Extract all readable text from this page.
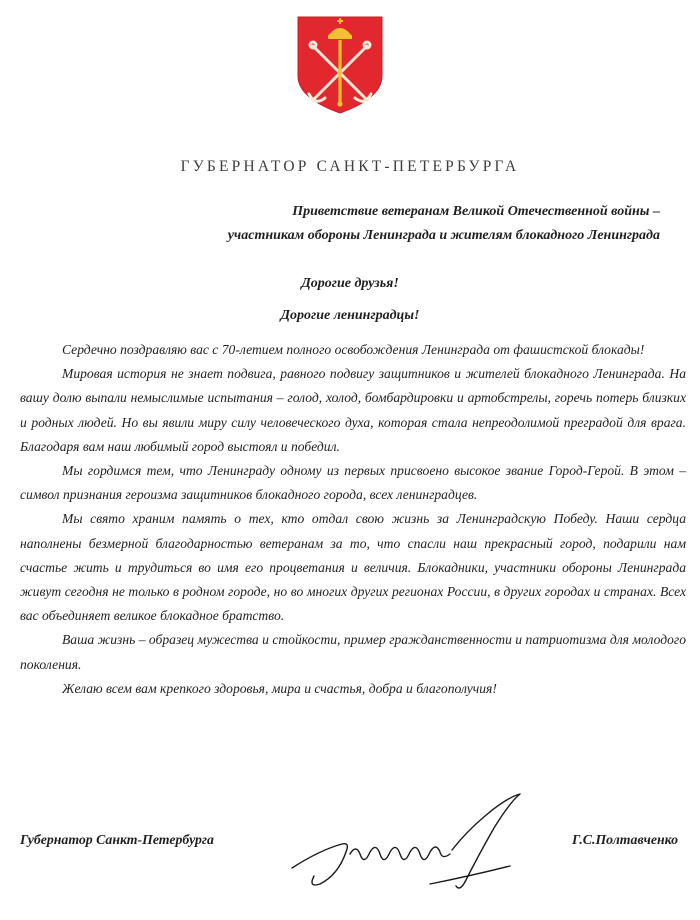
ГУБЕРНАТОР САНКТ-ПЕТЕРБУРГА
Приветствие ветеранам Великой Отечественной войны –
участникам обороны Ленинграда и жителям блокадного Ленинграда
Дорогие друзья!
Дорогие ленинградцы!

Сердечно поздравляю вас с 70-летием полного освобождения Ленинграда от фашистской блокады!

Мировая история не знает подвига, равного подвигу защитников и жителей блокадного Ленинграда. На вашу долю выпали немыслимые испытания – голод, холод, бомбардировки и артобстрелы, горечь потерь близких и родных людей. Но вы явили миру силу человеческого духа, которая стала непреодолимой преградой для врага. Благодаря вам наш любимый город выстоял и победил.

Мы гордимся тем, что Ленинграду одному из первых присвоено высокое звание Город-Герой. В этом – символ признания героизма защитников блокадного города, всех ленинградцев.

Мы свято храним память о тех, кто отдал свою жизнь за Ленинградскую Победу. Наши сердца наполнены безмерной благодарностью ветеранам за то, что спасли наш прекрасный город, подарили нам счастье жить и трудиться во имя его процветания и величия. Блокадники, участники обороны Ленинграда живут сегодня не только в родном городе, но во многих других регионах России, в других городах и странах. Всех вас объединяет великое блокадное братство.

Ваша жизнь – образец мужества и стойкости, пример гражданственности и патриотизма для молодого поколения.

Желаю всем вам крепкого здоровья, мира и счастья, добра и благополучия!

Губернатор Санкт-Петербурга	Г.С.Полтавченко
